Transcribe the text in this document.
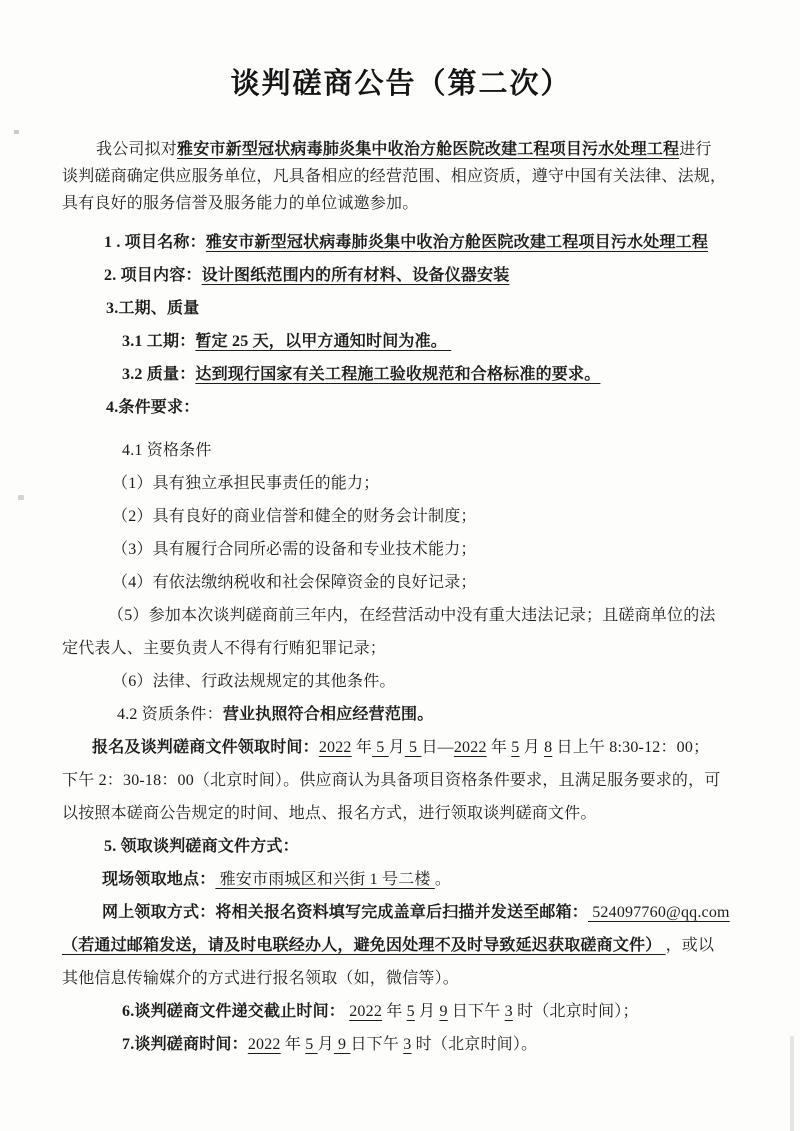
谈判磋商公告（第二次）

我公司拟对雅安市新型冠状病毒肺炎集中收治方舱医院改建工程项目污水处理工程进行

谈判磋商确定供应服务单位，凡具备相应的经营范围、相应资质，遵守中国有关法律、法规，

具有良好的服务信誉及服务能力的单位诚邀参加。

1 . 项目名称：雅安市新型冠状病毒肺炎集中收治方舱医院改建工程项目污水处理工程

2. 项目内容：设计图纸范围内的所有材料、设备仪器安装

3.工期、质量

3.1 工期：暂定 25 天，以甲方通知时间为准。

3.2 质量：达到现行国家有关工程施工验收规范和合格标准的要求。

4.条件要求：

4.1 资格条件

（1）具有独立承担民事责任的能力；

（2）具有良好的商业信誉和健全的财务会计制度；

（3）具有履行合同所必需的设备和专业技术能力；

（4）有依法缴纳税收和社会保障资金的良好记录；

（5）参加本次谈判磋商前三年内，在经营活动中没有重大违法记录；且磋商单位的法

定代表人、主要负责人不得有行贿犯罪记录；

（6）法律、行政法规规定的其他条件。

4.2 资质条件：营业执照符合相应经营范围。

报名及谈判磋商文件领取时间：2022 年 5 月 5 日—2022 年 5 月 8 日上午 8:30-12：00；

下午 2：30-18：00（北京时间）。供应商认为具备项目资格条件要求，且满足服务要求的，可

以按照本磋商公告规定的时间、地点、报名方式，进行领取谈判磋商文件。

5. 领取谈判磋商文件方式：

现场领取地点： 雅安市雨城区和兴街 1 号二楼 。

网上领取方式：将相关报名资料填写完成盖章后扫描并发送至邮箱： 524097760@qq.com

（若通过邮箱发送，请及时电联经办人，避免因处理不及时导致延迟获取磋商文件） ，或以

其他信息传输媒介的方式进行报名领取（如，微信等）。

6.谈判磋商文件递交截止时间： 2022 年 5 月 9 日下午 3 时（北京时间）；

7.谈判磋商时间：2022 年 5 月 9 日下午 3 时（北京时间）。
